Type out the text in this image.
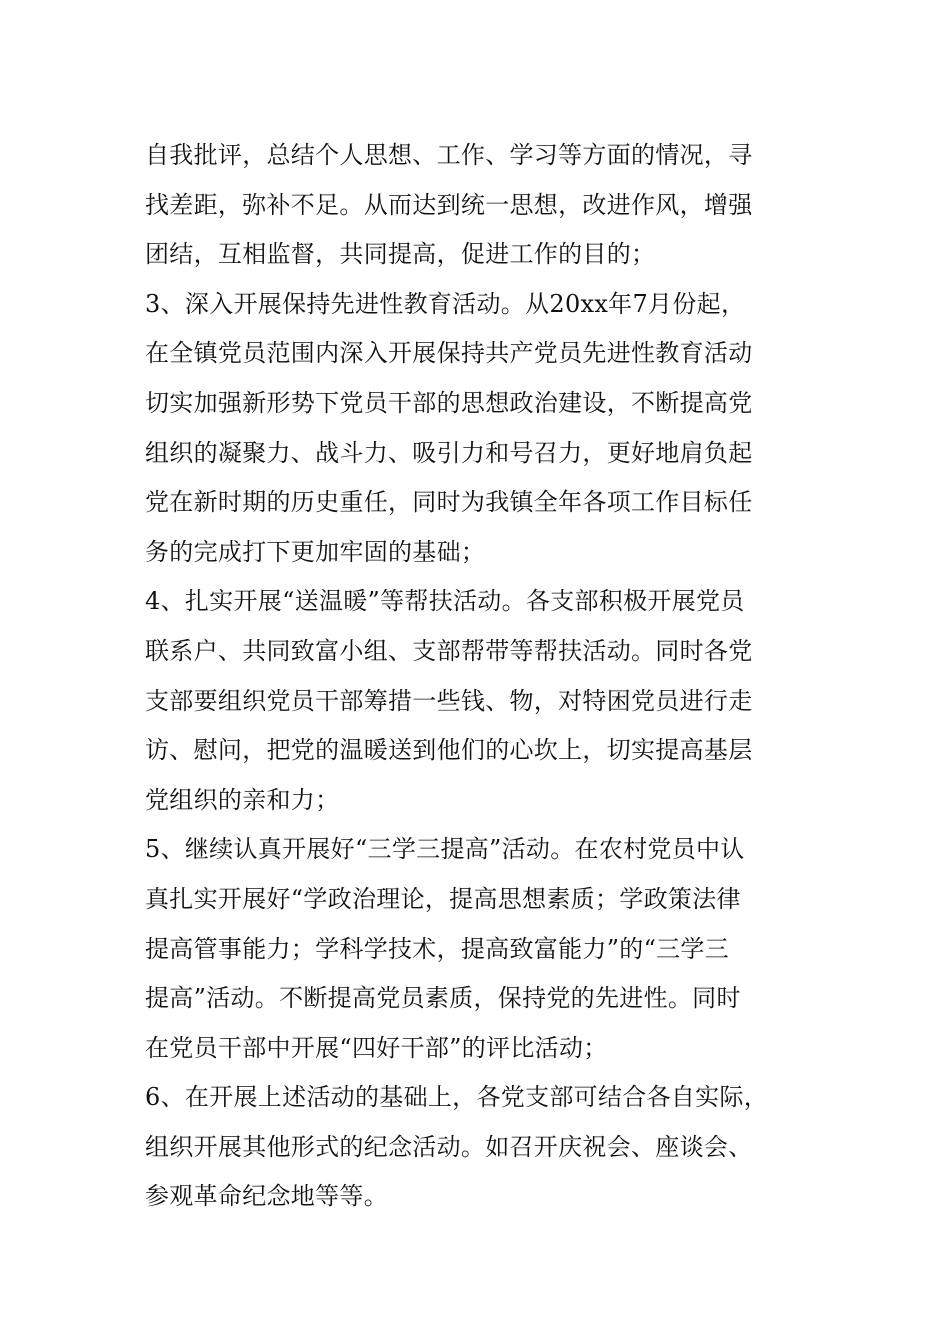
自我批评，总结个人思想、工作、学习等方面的情况，寻
找差距，弥补不足。从而达到统一思想，改进作风，增强
团结，互相监督，共同提高，促进工作的目的；
3、深入开展保持先进性教育活动。从20xx年7月份起，
在全镇党员范围内深入开展保持共产党员先进性教育活动
切实加强新形势下党员干部的思想政治建设，不断提高党
组织的凝聚力、战斗力、吸引力和号召力，更好地肩负起
党在新时期的历史重任，同时为我镇全年各项工作目标任
务的完成打下更加牢固的基础；
4、扎实开展“送温暖”等帮扶活动。各支部积极开展党员
联系户、共同致富小组、支部帮带等帮扶活动。同时各党
支部要组织党员干部筹措一些钱、物，对特困党员进行走
访、慰问，把党的温暖送到他们的心坎上，切实提高基层
党组织的亲和力；
5、继续认真开展好“三学三提高”活动。在农村党员中认
真扎实开展好“学政治理论，提高思想素质；学政策法律
提高管事能力；学科学技术，提高致富能力”的“三学三
提高”活动。不断提高党员素质，保持党的先进性。同时
在党员干部中开展“四好干部”的评比活动；
6、在开展上述活动的基础上，各党支部可结合各自实际，
组织开展其他形式的纪念活动。如召开庆祝会、座谈会、
参观革命纪念地等等。
